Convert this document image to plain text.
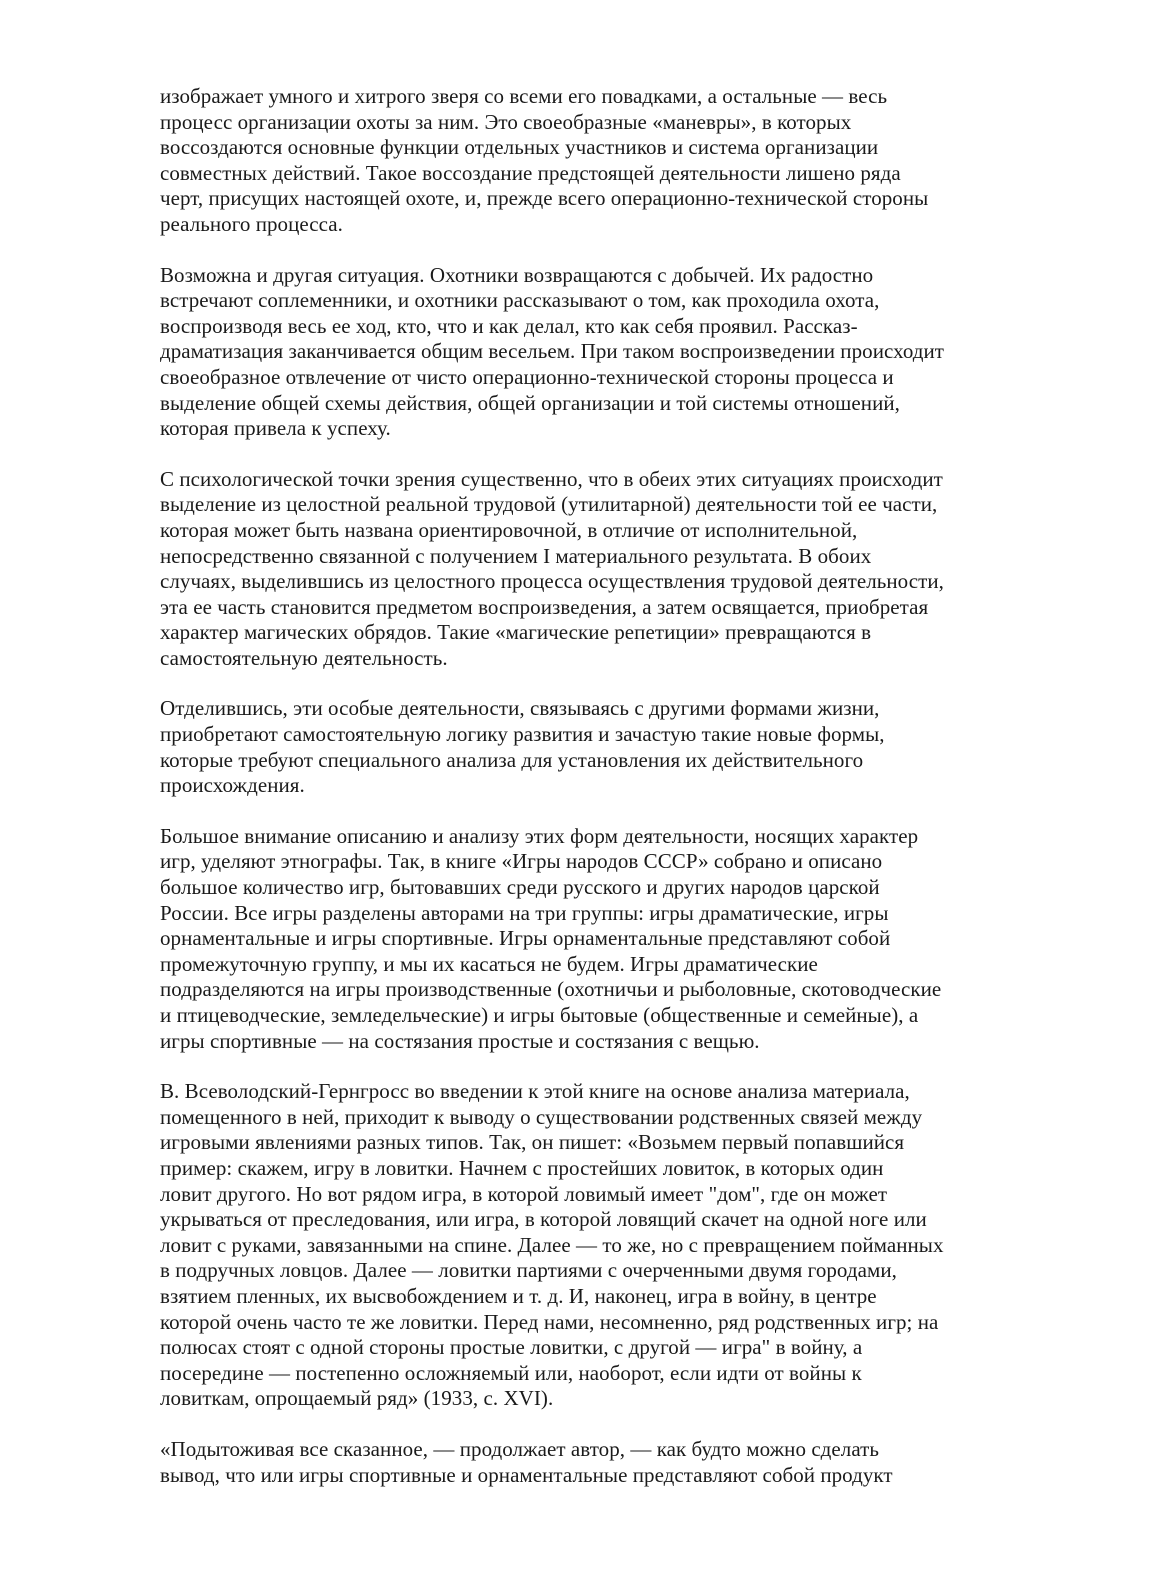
изображает умного и хитрого зверя со всеми его повадками, а остальные — весь
процесс организации охоты за ним. Это своеобразные «маневры», в которых
воссоздаются основные функции отдельных участников и система организации
совместных действий. Такое воссоздание предстоящей деятельности лишено ряда
черт, присущих настоящей охоте, и, прежде всего операционно-технической стороны
реального процесса.

Возможна и другая ситуация. Охотники возвращаются с добычей. Их радостно
встречают соплеменники, и охотники рассказывают о том, как проходила охота,
воспроизводя весь ее ход, кто, что и как делал, кто как себя проявил. Рассказ-
драматизация заканчивается общим весельем. При таком воспроизведении происходит
своеобразное отвлечение от чисто операционно-технической стороны процесса и
выделение общей схемы действия, общей организации и той системы отношений,
которая привела к успеху.

С психологической точки зрения существенно, что в обеих этих ситуациях происходит
выделение из целостной реальной трудовой (утилитарной) деятельности той ее части,
которая может быть названа ориентировочной, в отличие от исполнительной,
непосредственно связанной с получением I материального результата. В обоих
случаях, выделившись из целостного процесса осуществления трудовой деятельности,
эта ее часть становится предметом воспроизведения, а затем освящается, приобретая
характер магических обрядов. Такие «магические репетиции» превращаются в
самостоятельную деятельность.

Отделившись, эти особые деятельности, связываясь с другими формами жизни,
приобретают самостоятельную логику развития и зачастую такие новые формы,
которые требуют специального анализа для установления их действительного
происхождения.

Большое внимание описанию и анализу этих форм деятельности, носящих характер
игр, уделяют этнографы. Так, в книге «Игры народов СССР» собрано и описано
большое количество игр, бытовавших среди русского и других народов царской
России. Все игры разделены авторами на три группы: игры драматические, игры
орнаментальные и игры спортивные. Игры орнаментальные представляют собой
промежуточную группу, и мы их касаться не будем. Игры драматические
подразделяются на игры производственные (охотничьи и рыболовные, скотоводческие
и птицеводческие, земледельческие) и игры бытовые (общественные и семейные), а
игры спортивные — на состязания простые и состязания с вещью.

В. Всеволодский-Гернгросс во введении к этой книге на основе анализа материала,
помещенного в ней, приходит к выводу о существовании родственных связей между
игровыми явлениями разных типов. Так, он пишет: «Возьмем первый попавшийся
пример: скажем, игру в ловитки. Начнем с простейших ловиток, в которых один
ловит другого. Но вот рядом игра, в которой ловимый имеет "дом", где он может
укрываться от преследования, или игра, в которой ловящий скачет на одной ноге или
ловит с руками, завязанными на спине. Далее — то же, но с превращением пойманных
в подручных ловцов. Далее — ловитки партиями с очерченными двумя городами,
взятием пленных, их высвобождением и т. д. И, наконец, игра в войну, в центре
которой очень часто те же ловитки. Перед нами, несомненно, ряд родственных игр; на
полюсах стоят с одной стороны простые ловитки, с другой — игра" в войну, а
посередине — постепенно осложняемый или, наоборот, если идти от войны к
ловиткам, опрощаемый ряд» (1933, с. XVI).

«Подытоживая все сказанное, — продолжает автор, — как будто можно сделать
вывод, что или игры спортивные и орнаментальные представляют собой продукт
